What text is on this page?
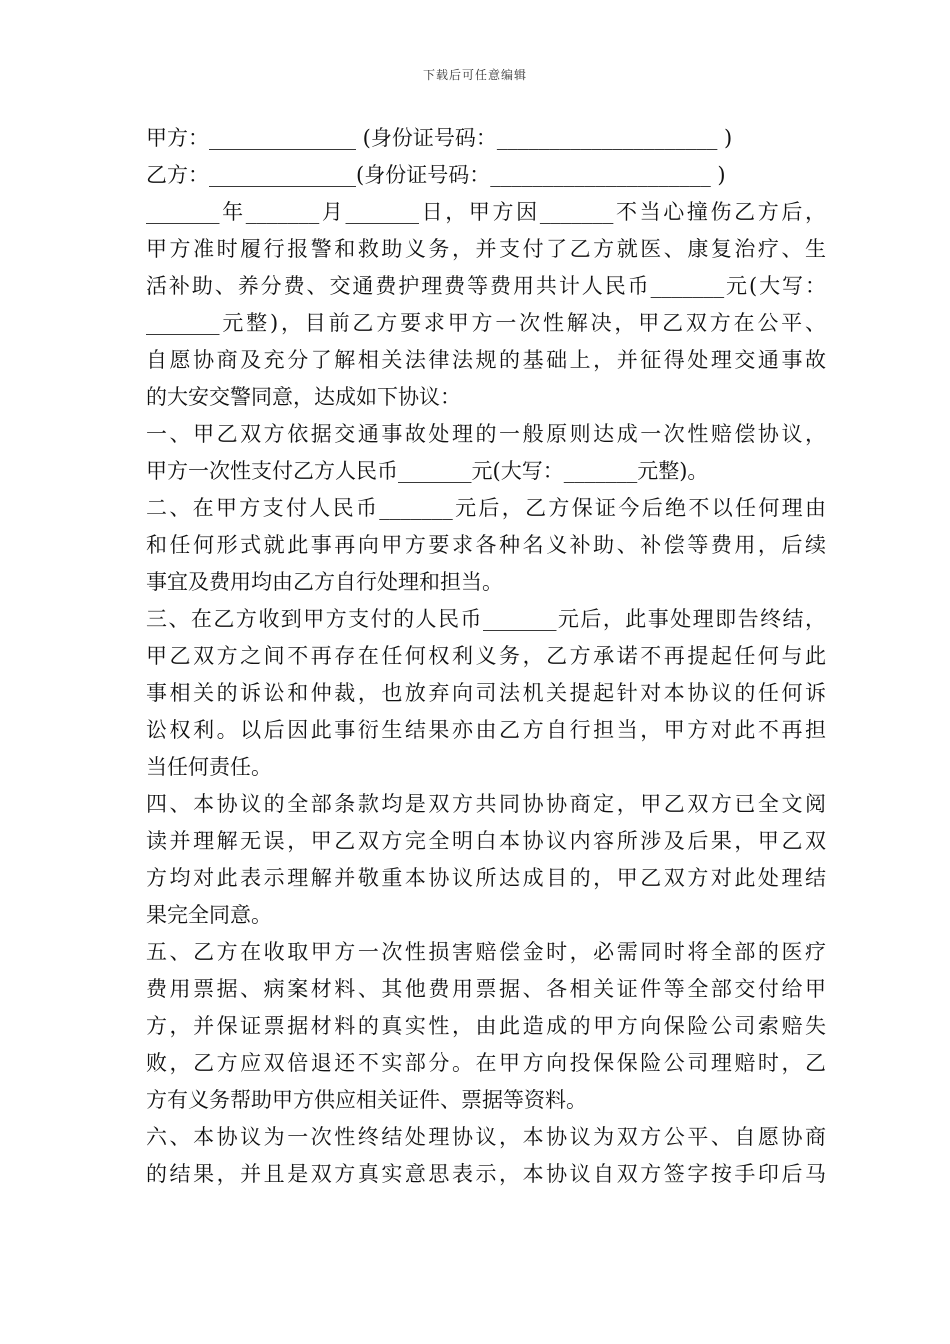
下载后可任意编辑
甲方：______________ (身份证号码：_____________________ )
乙方：______________(身份证号码：_____________________ )
_______年_______月_______日，甲方因_______不当心撞伤乙方后，
甲方准时履行报警和救助义务，并支付了乙方就医、康复治疗、生
活补助、养分费、交通费护理费等费用共计人民币_______元(大写：
_______元整)，目前乙方要求甲方一次性解决，甲乙双方在公平、
自愿协商及充分了解相关法律法规的基础上，并征得处理交通事故
的大安交警同意，达成如下协议：
一、甲乙双方依据交通事故处理的一般原则达成一次性赔偿协议，
甲方一次性支付乙方人民币_______元(大写：_______元整)。
二、在甲方支付人民币_______元后，乙方保证今后绝不以任何理由
和任何形式就此事再向甲方要求各种名义补助、补偿等费用，后续
事宜及费用均由乙方自行处理和担当。
三、在乙方收到甲方支付的人民币_______元后，此事处理即告终结，
甲乙双方之间不再存在任何权利义务，乙方承诺不再提起任何与此
事相关的诉讼和仲裁，也放弃向司法机关提起针对本协议的任何诉
讼权利。以后因此事衍生结果亦由乙方自行担当，甲方对此不再担
当任何责任。
四、本协议的全部条款均是双方共同协协商定，甲乙双方已全文阅
读并理解无误，甲乙双方完全明白本协议内容所涉及后果，甲乙双
方均对此表示理解并敬重本协议所达成目的，甲乙双方对此处理结
果完全同意。
五、乙方在收取甲方一次性损害赔偿金时，必需同时将全部的医疗
费用票据、病案材料、其他费用票据、各相关证件等全部交付给甲
方，并保证票据材料的真实性，由此造成的甲方向保险公司索赔失
败，乙方应双倍退还不实部分。在甲方向投保保险公司理赔时，乙
方有义务帮助甲方供应相关证件、票据等资料。
六、本协议为一次性终结处理协议，本协议为双方公平、自愿协商
的结果，并且是双方真实意思表示，本协议自双方签字按手印后马
